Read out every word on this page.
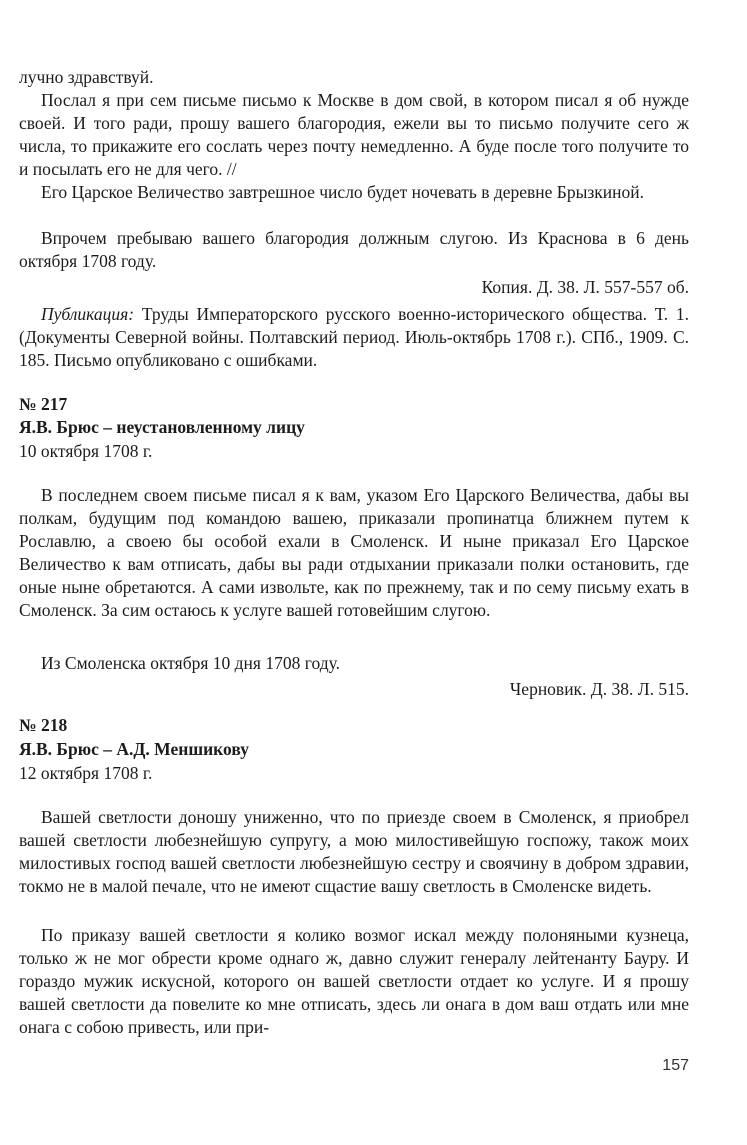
лучно здравствуй.
Послал я при сем письме письмо к Москве в дом свой, в котором писал я об нужде своей. И того ради, прошу вашего благородия, ежели вы то письмо получите сего ж числа, то прикажите его сослать через почту немедленно. А буде после того получите то и посылать его не для чего. //
Его Царское Величество завтрешное число будет ночевать в деревне Брызкиной.
Впрочем пребываю вашего благородия должным слугою. Из Краснова в 6 день октября 1708 году.
Копия. Д. 38. Л. 557-557 об.
Публикация: Труды Императорского русского военно-исторического общества. Т. 1. (Документы Северной войны. Полтавский период. Июль-октябрь 1708 г.). СПб., 1909. С. 185. Письмо опубликовано с ошибками.
№ 217
Я.В. Брюс – неустановленному лицу
10 октября 1708 г.
В последнем своем письме писал я к вам, указом Его Царского Величества, дабы вы полкам, будущим под командою вашею, приказали пропинатца ближнем путем к Рославлю, а своею бы особой ехали в Смоленск. И ныне приказал Его Царское Величество к вам отписать, дабы вы ради отдыхании приказали полки остановить, где оные ныне обретаются. А сами извольте, как по прежнему, так и по сему письму ехать в Смоленск. За сим остаюсь к услуге вашей готовейшим слугою.
Из Смоленска октября 10 дня 1708 году.
Черновик. Д. 38. Л. 515.
№ 218
Я.В. Брюс – А.Д. Меншикову
12 октября 1708 г.
Вашей светлости доношу униженно, что по приезде своем в Смоленск, я приобрел вашей светлости любезнейшую супругу, а мою милостивейшую госпожу, також моих милостивых господ вашей светлости любезнейшую сестру и своячину в добром здравии, токмо не в малой печале, что не имеют сщастие вашу светлость в Смоленске видеть.
По приказу вашей светлости я колико возмог искал между полоняными кузнеца, только ж не мог обрести кроме однаго ж, давно служит генералу лейтенанту Бауру. И гораздо мужик искусной, которого он вашей светлости отдает ко услуге. И я прошу вашей светлости да повелите ко мне отписать, здесь ли онага в дом ваш отдать или мне онага с собою привесть, или при-
157
